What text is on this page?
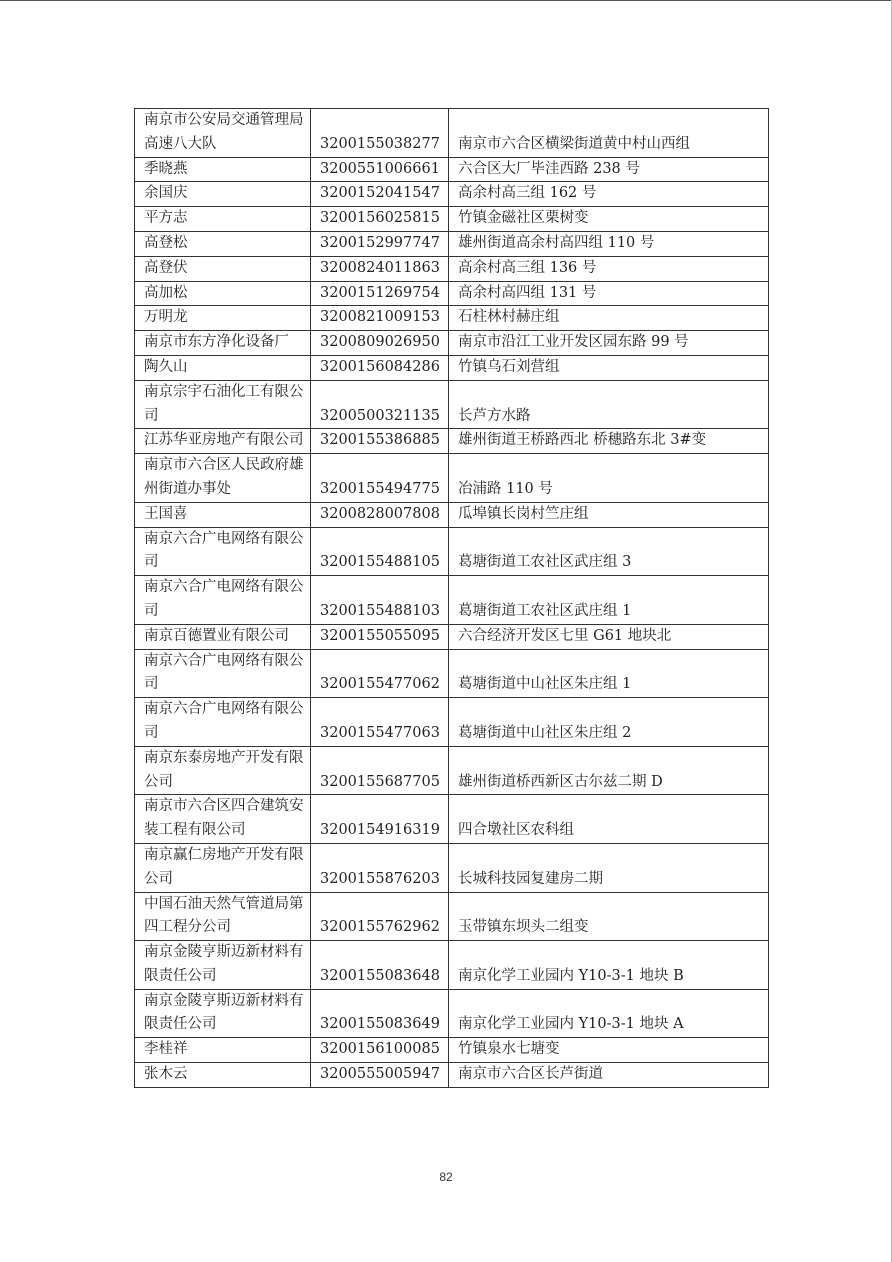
南京市公安局交通管理局高速八大队	3200155038277	南京市六合区横梁街道黄中村山西组
季晓燕	3200551006661	六合区大厂毕洼西路 238 号
余国庆	3200152041547	高余村高三组 162 号
平方志	3200156025815	竹镇金磁社区栗树变
高登松	3200152997747	雄州街道高余村高四组 110 号
高登伏	3200824011863	高余村高三组 136 号
高加松	3200151269754	高余村高四组 131 号
万明龙	3200821009153	石柱林村赫庄组
南京市东方净化设备厂	3200809026950	南京市沿江工业开发区园东路 99 号
陶久山	3200156084286	竹镇乌石刘营组
南京宗宇石油化工有限公司	3200500321135	长芦方水路
江苏华亚房地产有限公司	3200155386885	雄州街道王桥路西北 桥穗路东北 3#变
南京市六合区人民政府雄州街道办事处	3200155494775	冶浦路 110 号
王国喜	3200828007808	瓜埠镇长岗村竺庄组
南京六合广电网络有限公司	3200155488105	葛塘街道工农社区武庄组 3
南京六合广电网络有限公司	3200155488103	葛塘街道工农社区武庄组 1
南京百德置业有限公司	3200155055095	六合经济开发区七里 G61 地块北
南京六合广电网络有限公司	3200155477062	葛塘街道中山社区朱庄组 1
南京六合广电网络有限公司	3200155477063	葛塘街道中山社区朱庄组 2
南京东泰房地产开发有限公司	3200155687705	雄州街道桥西新区古尔兹二期 D
南京市六合区四合建筑安装工程有限公司	3200154916319	四合墩社区农科组
南京赢仁房地产开发有限公司	3200155876203	长城科技园复建房二期
中国石油天然气管道局第四工程分公司	3200155762962	玉带镇东坝头二组变
南京金陵亨斯迈新材料有限责任公司	3200155083648	南京化学工业园内 Y10-3-1 地块 B
南京金陵亨斯迈新材料有限责任公司	3200155083649	南京化学工业园内 Y10-3-1 地块 A
李桂祥	3200156100085	竹镇泉水七塘变
张木云	3200555005947	南京市六合区长芦街道
82
